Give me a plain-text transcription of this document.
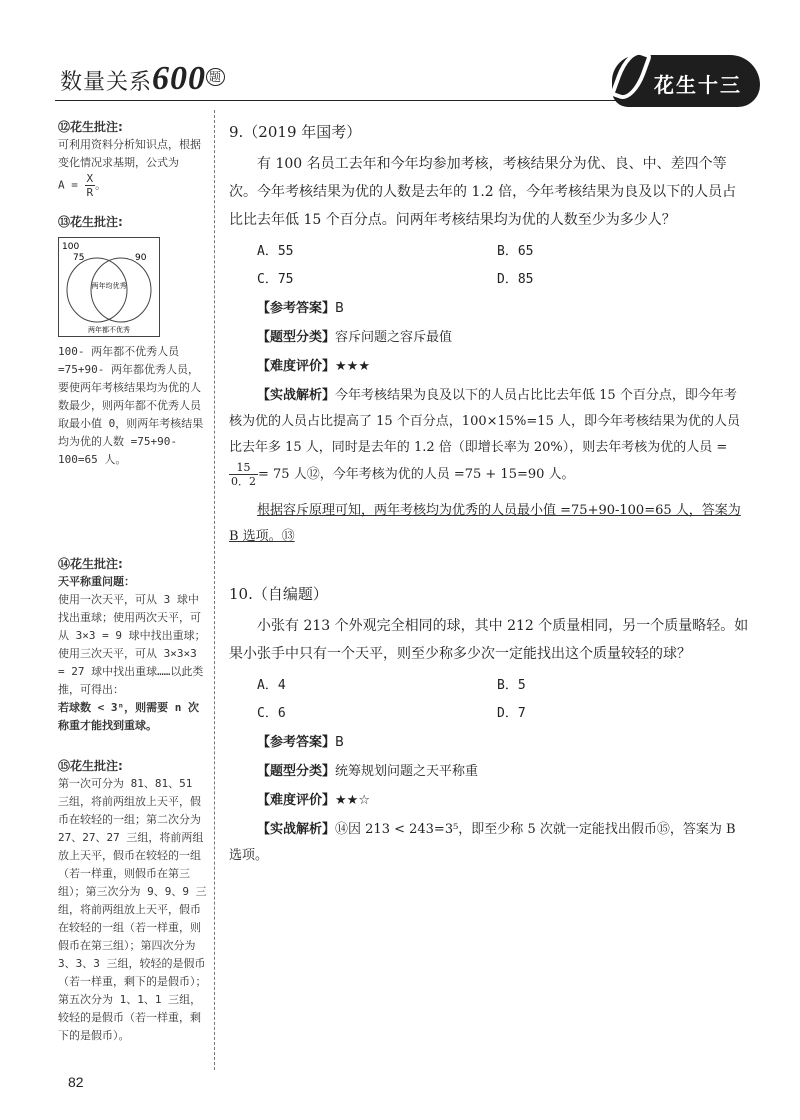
数量关系600 $^题$	花生十三
⑫花生批注:
可利用资料分析知识点，根据变化情况求基期，公式为
$A = \frac{X}{R}$ 。
⑬花生批注:
100
75	90
两年均优秀
两年都不优秀
100- 两年都不优秀人员 =75+90- 两年都优秀人员，要使两年考核结果均为优的人数最少，则两年都不优秀人员取最小值 0，则两年考核结果均为优的人数 =75+90-100=65 人。
⑭花生批注:
天平称重问题：
使用一次天平，可从 3 球中找出重球；使用两次天平，可从 3×3 = 9 球中找出重球；使用三次天平，可从 3×3×3 = 27 球中找出重球……以此类推，可得出：
若球数 < 3ⁿ，则需要 n 次称重才能找到重球。
⑮花生批注:
第一次可分为 81、81、51 三组，将前两组放上天平，假币在较轻的一组；第二次分为 27、27、27 三组，将前两组放上天平，假币在较轻的一组（若一样重，则假币在第三组）；第三次分为 9、9、9 三组，将前两组放上天平，假币在较轻的一组（若一样重，则假币在第三组）；第四次分为 3、3、3 三组，较轻的是假币（若一样重，剩下的是假币）；第五次分为 1、1、1 三组，较轻的是假币（若一样重，剩下的是假币）。
9.（2019 年国考）
有 100 名员工去年和今年均参加考核，考核结果分为优、良、中、差四个等次。今年考核结果为优的人数是去年的 1.2 倍，今年考核结果为良及以下的人员占比比去年低 15 个百分点。问两年考核结果均为优的人数至少为多少人？
A．55	B．65
C．75	D．85
【参考答案】B
【题型分类】容斥问题之容斥最值
【难度评价】★★★
【实战解析】今年考核结果为良及以下的人员占比比去年低 15 个百分点，即今年考核为优的人员占比提高了 15 个百分点，100×15%=15 人，即今年考核结果为优的人员比去年多 15 人，同时是去年的 1.2 倍（即增长率为 20%），则去年考核为优的人员 =
$\frac{15}{0.2} = 75$ 人⑫，今年考核为优的人员 =75 + 15=90 人。
根据容斥原理可知，两年考核均为优秀的人员最小值 =75+90-100=65 人，答案为 B 选项。⑬
10.（自编题）
小张有 213 个外观完全相同的球，其中 212 个质量相同，另一个质量略轻。如果小张手中只有一个天平，则至少称多少次一定能找出这个质量较轻的球？
A．4	B．5
C．6	D．7
【参考答案】B
【题型分类】统筹规划问题之天平称重
【难度评价】★★☆
【实战解析】⑭因 213 < 243=3⁵，即至少称 5 次就一定能找出假币⑮，答案为 B 选项。
82
